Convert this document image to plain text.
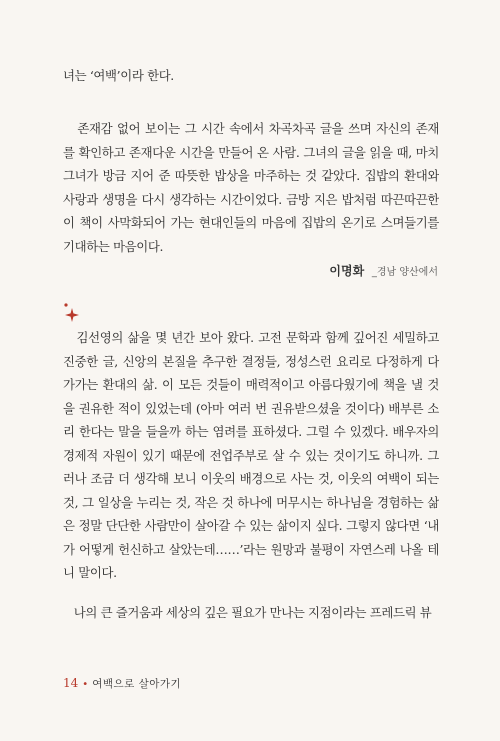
녀는 ‘여백’이라 한다.
존재감 없어 보이는 그 시간 속에서 차곡차곡 글을 쓰며 자신의 존재
를 확인하고 존재다운 시간을 만들어 온 사람. 그녀의 글을 읽을 때, 마치
그녀가 방금 지어 준 따뜻한 밥상을 마주하는 것 같았다. 집밥의 환대와
사랑과 생명을 다시 생각하는 시간이었다. 금방 지은 밥처럼 따끈따끈한
이 책이 사막화되어 가는 현대인들의 마음에 집밥의 온기로 스며들기를
기대하는 마음이다.
이명화 _경남 양산에서
김선영의 삶을 몇 년간 보아 왔다. 고전 문학과 함께 깊어진 세밀하고
진중한 글, 신앙의 본질을 추구한 결정들, 정성스런 요리로 다정하게 다
가가는 환대의 삶. 이 모든 것들이 매력적이고 아름다웠기에 책을 낼 것
을 권유한 적이 있었는데 (아마 여러 번 권유받으셨을 것이다) 배부른 소
리 한다는 말을 들을까 하는 염려를 표하셨다. 그럴 수 있겠다. 배우자의
경제적 자원이 있기 때문에 전업주부로 살 수 있는 것이기도 하니까. 그
러나 조금 더 생각해 보니 이웃의 배경으로 사는 것, 이웃의 여백이 되는
것, 그 일상을 누리는 것, 작은 것 하나에 머무시는 하나님을 경험하는 삶
은 정말 단단한 사람만이 살아갈 수 있는 삶이지 싶다. 그렇지 않다면 ‘내
가 어떻게 헌신하고 살았는데……’라는 원망과 불평이 자연스레 나올 테
니 말이다.
나의 큰 즐거움과 세상의 깊은 필요가 만나는 지점이라는 프레드릭 뷰
14 • 여백으로 살아가기
